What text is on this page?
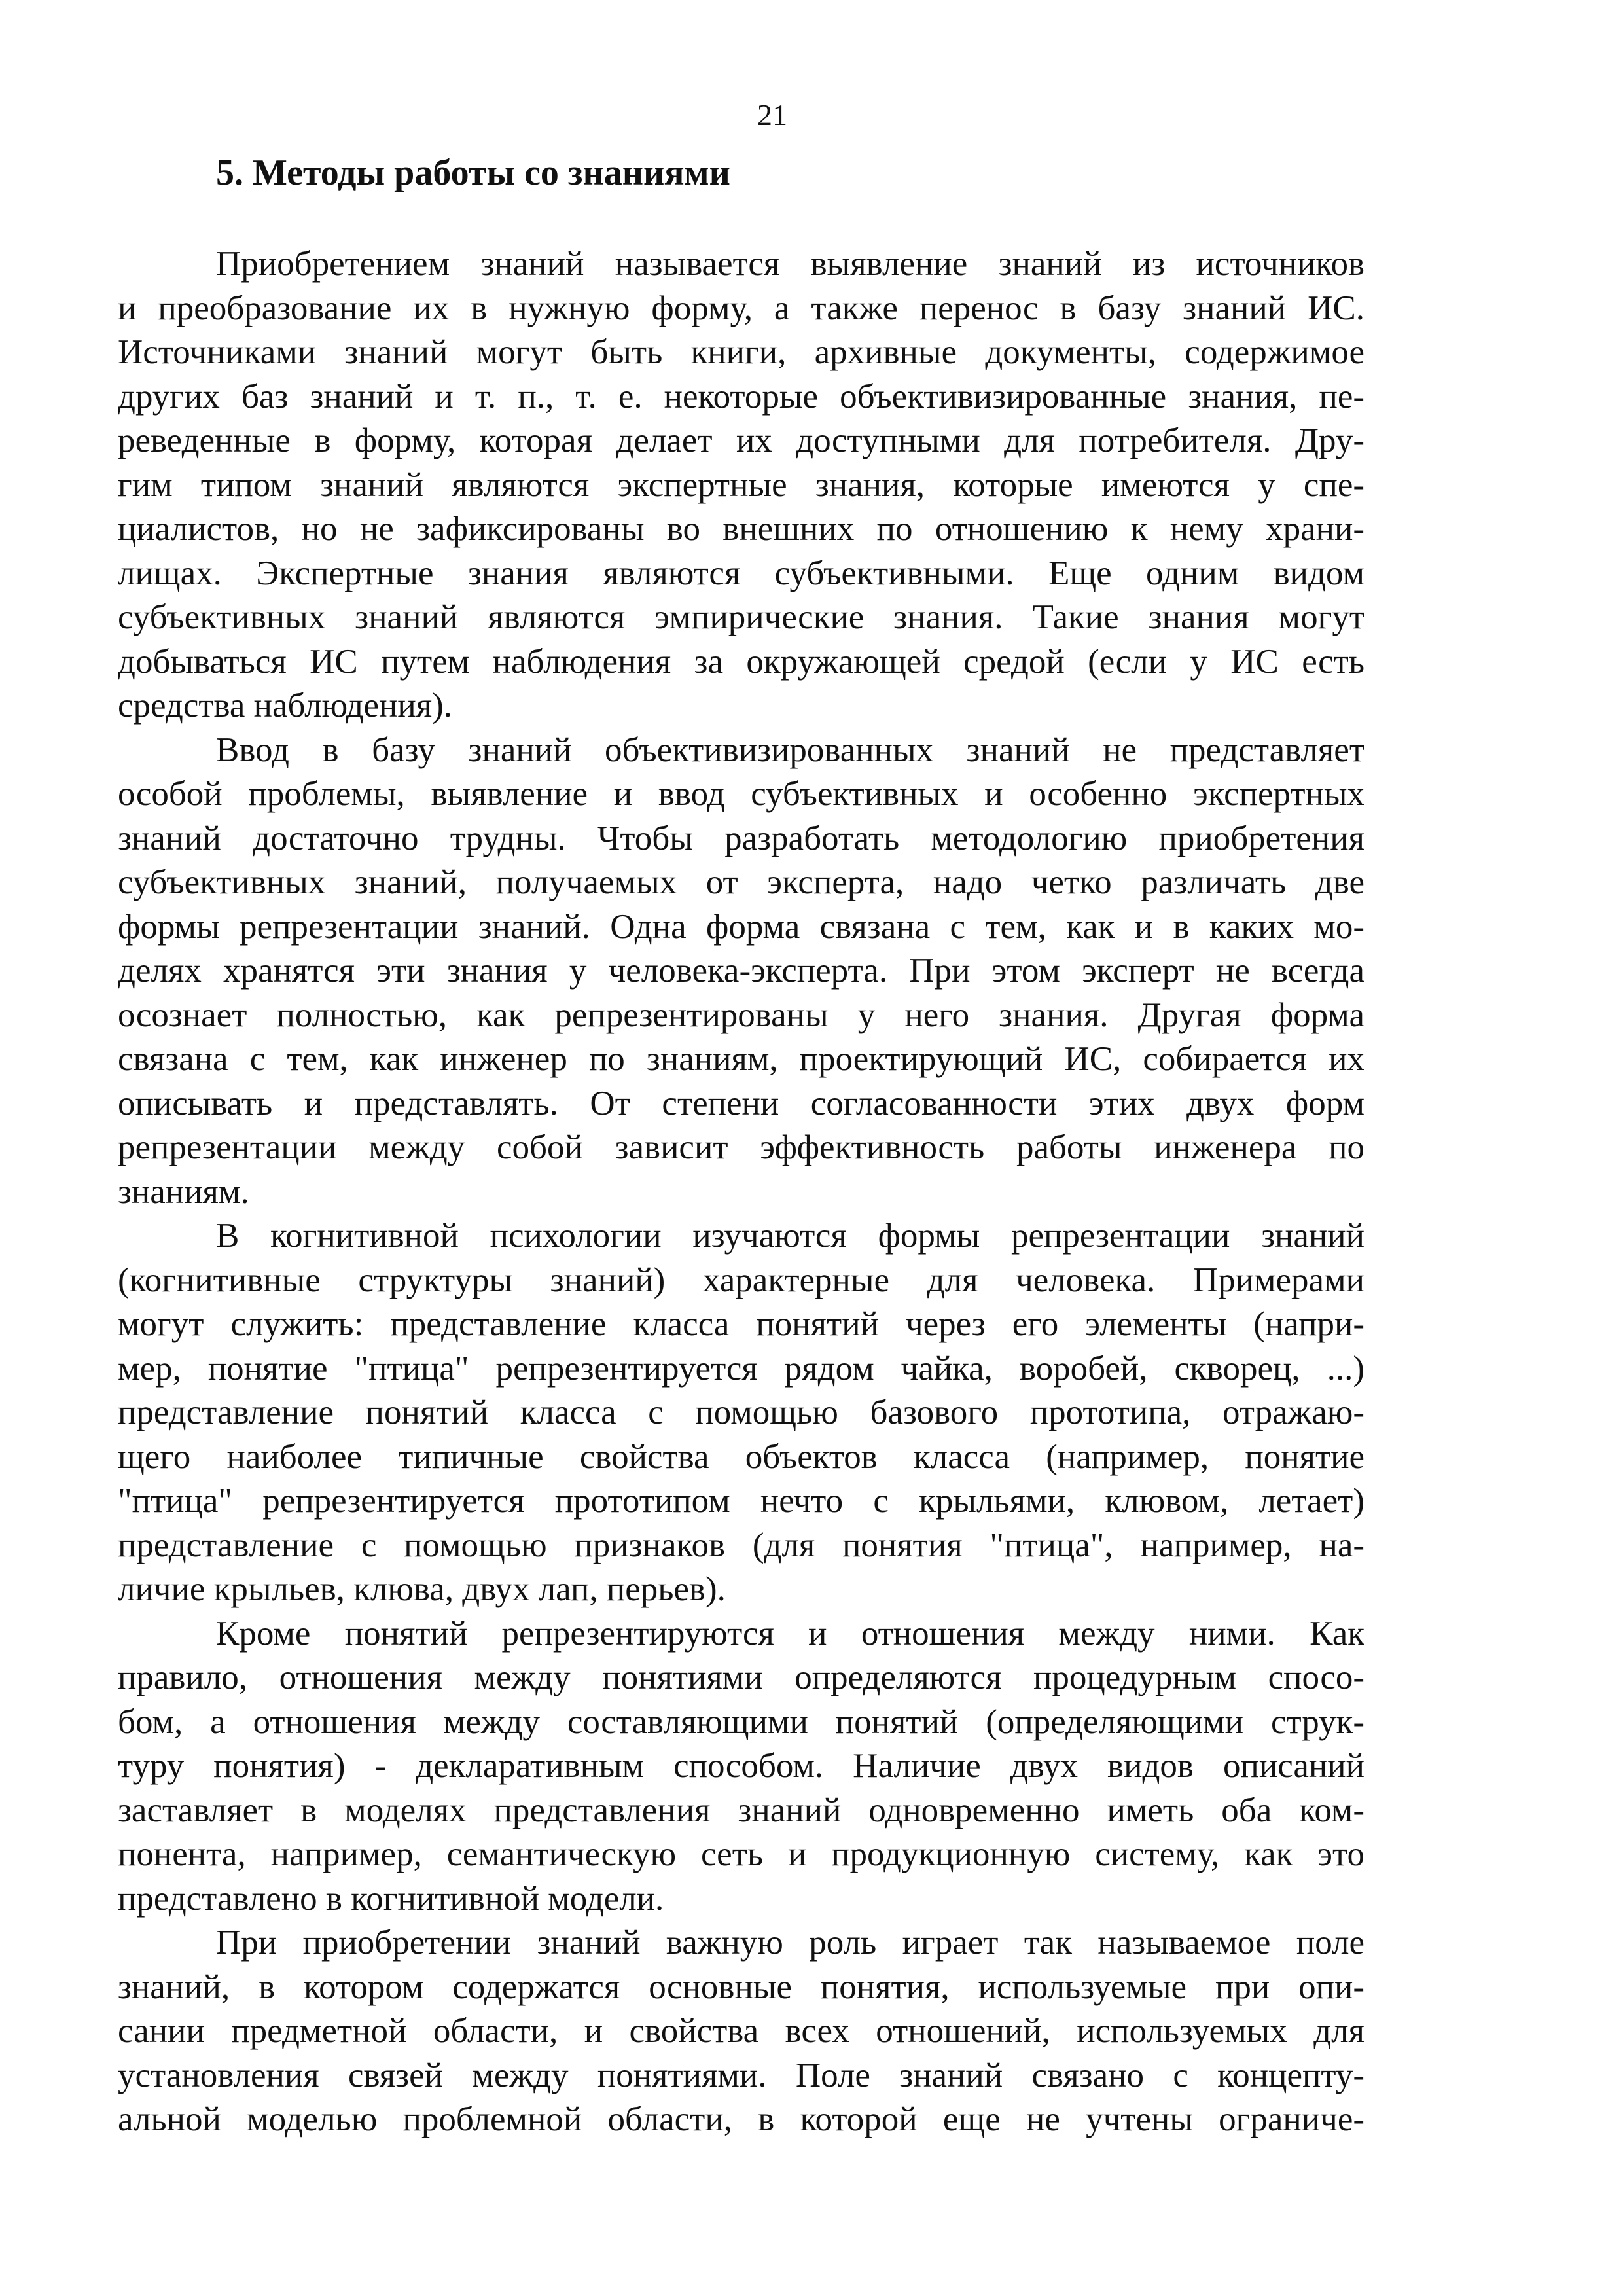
21
5. Методы работы со знаниями
Приобретением знаний называется выявление знаний из источников
и преобразование их в нужную форму, а также перенос в базу знаний ИС.
Источниками знаний могут быть книги, архивные документы, содержимое
других баз знаний и т. п., т. е. некоторые объективизированные знания, пе-
реведенные в форму, которая делает их доступными для потребителя. Дру-
гим типом знаний являются экспертные знания, которые имеются у спе-
циалистов, но не зафиксированы во внешних по отношению к нему храни-
лищах. Экспертные знания являются субъективными. Еще одним видом
субъективных знаний являются эмпирические знания. Такие знания могут
добываться ИС путем наблюдения за окружающей средой (если у ИС есть
средства наблюдения).
Ввод в базу знаний объективизированных знаний не представляет
особой проблемы, выявление и ввод субъективных и особенно экспертных
знаний достаточно трудны. Чтобы разработать методологию приобретения
субъективных знаний, получаемых от эксперта, надо четко различать две
формы репрезентации знаний. Одна форма связана с тем, как и в каких мо-
делях хранятся эти знания у человека-эксперта. При этом эксперт не всегда
осознает полностью, как репрезентированы у него знания. Другая форма
связана с тем, как инженер по знаниям, проектирующий ИС, собирается их
описывать и представлять. От степени согласованности этих двух форм
репрезентации между собой зависит эффективность работы инженера по
знаниям.
В когнитивной психологии изучаются формы репрезентации знаний
(когнитивные структуры знаний) характерные для человека. Примерами
могут служить: представление класса понятий через его элементы (напри-
мер, понятие "птица" репрезентируется рядом чайка, воробей, скворец, ...)
представление понятий класса с помощью базового прототипа, отражаю-
щего наиболее типичные свойства объектов класса (например, понятие
"птица" репрезентируется прототипом нечто с крыльями, клювом, летает)
представление с помощью признаков (для понятия "птица", например, на-
личие крыльев, клюва, двух лап, перьев).
Кроме понятий репрезентируются и отношения между ними. Как
правило, отношения между понятиями определяются процедурным спосо-
бом, а отношения между составляющими понятий (определяющими струк-
туру понятия) - декларативным способом. Наличие двух видов описаний
заставляет в моделях представления знаний одновременно иметь оба ком-
понента, например, семантическую сеть и продукционную систему, как это
представлено в когнитивной модели.
При приобретении знаний важную роль играет так называемое поле
знаний, в котором содержатся основные понятия, используемые при опи-
сании предметной области, и свойства всех отношений, используемых для
установления связей между понятиями. Поле знаний связано с концепту-
альной моделью проблемной области, в которой еще не учтены ограниче-
